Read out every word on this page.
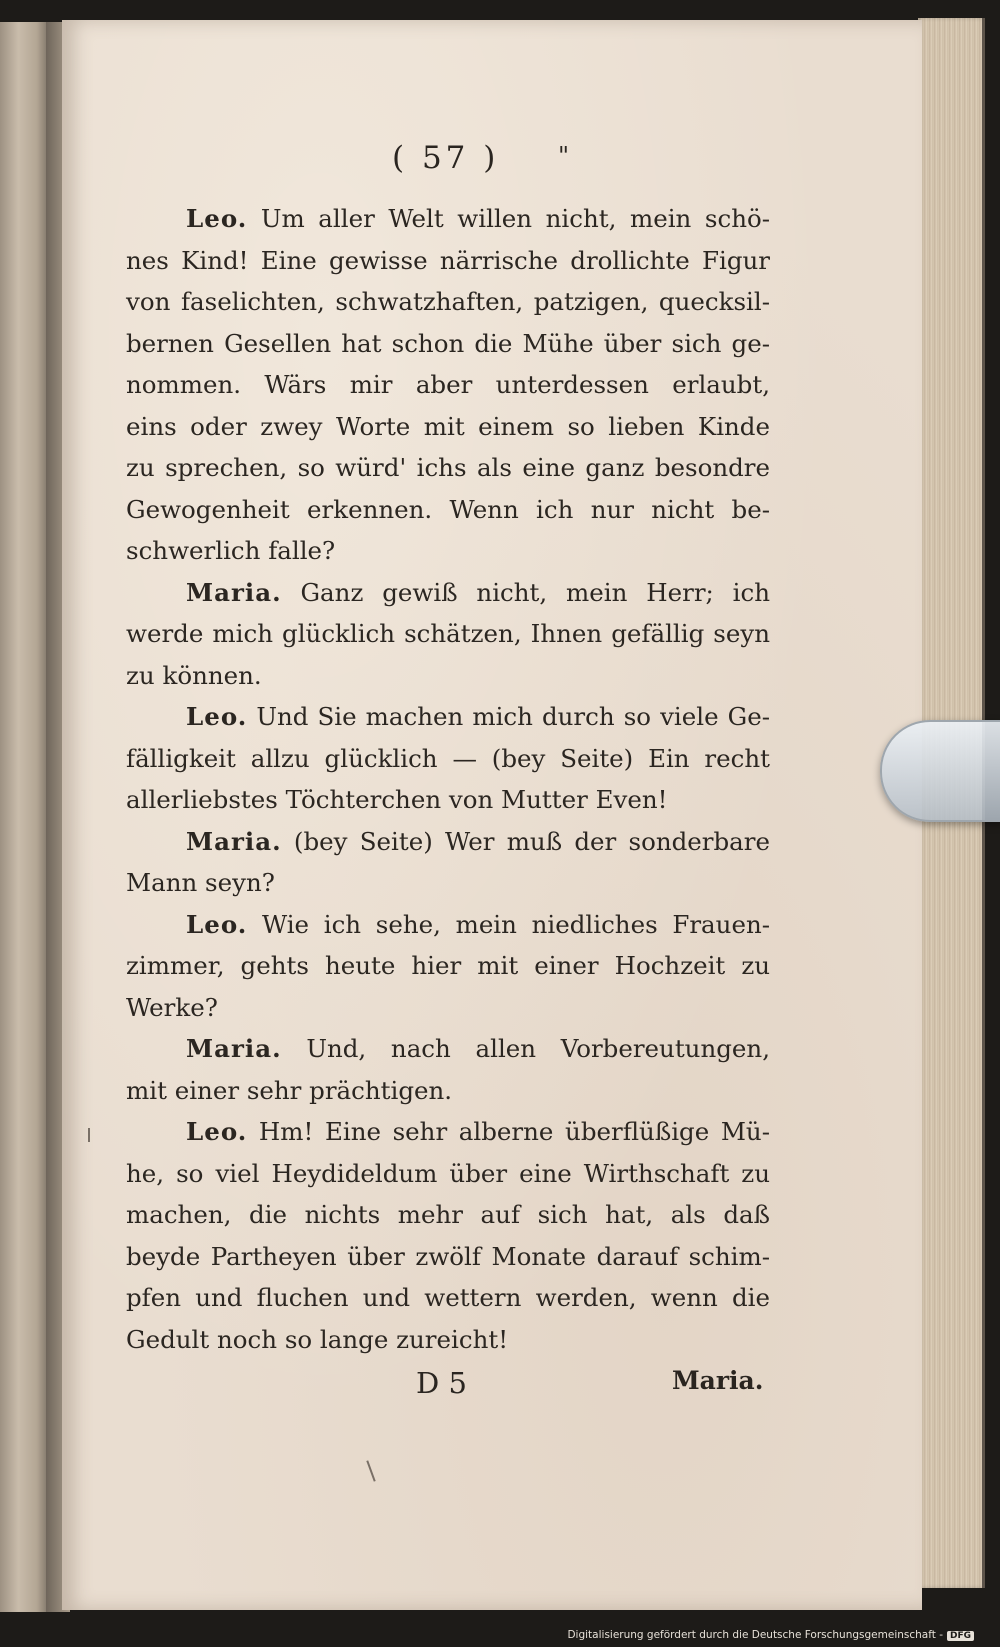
( 57 ) "
Leo. Um aller Welt willen nicht, mein schö-
nes Kind! Eine gewisse närrische drollichte Figur
von faselichten, schwatzhaften, patzigen, quecksil-
bernen Gesellen hat schon die Mühe über sich ge-
nommen. Wärs mir aber unterdessen erlaubt,
eins oder zwey Worte mit einem so lieben Kinde
zu sprechen, so würd' ichs als eine ganz besondre
Gewogenheit erkennen. Wenn ich nur nicht be-
schwerlich falle?
Maria. Ganz gewiß nicht, mein Herr; ich
werde mich glücklich schätzen, Ihnen gefällig seyn
zu können.
Leo. Und Sie machen mich durch so viele Ge-
fälligkeit allzu glücklich — (bey Seite) Ein recht
allerliebstes Töchterchen von Mutter Even!
Maria. (bey Seite) Wer muß der sonderbare
Mann seyn?
Leo. Wie ich sehe, mein niedliches Frauen-
zimmer, gehts heute hier mit einer Hochzeit zu
Werke?
Maria. Und, nach allen Vorbereutungen,
mit einer sehr prächtigen.
Leo. Hm! Eine sehr alberne überflüßige Mü-
he, so viel Heydideldum über eine Wirthschaft zu
machen, die nichts mehr auf sich hat, als daß
beyde Partheyen über zwölf Monate darauf schim-
pfen und fluchen und wettern werden, wenn die
Gedult noch so lange zureicht!
D 5	Maria.
Digitalisierung gefördert durch die Deutsche Forschungsgemeinschaft - DFG
